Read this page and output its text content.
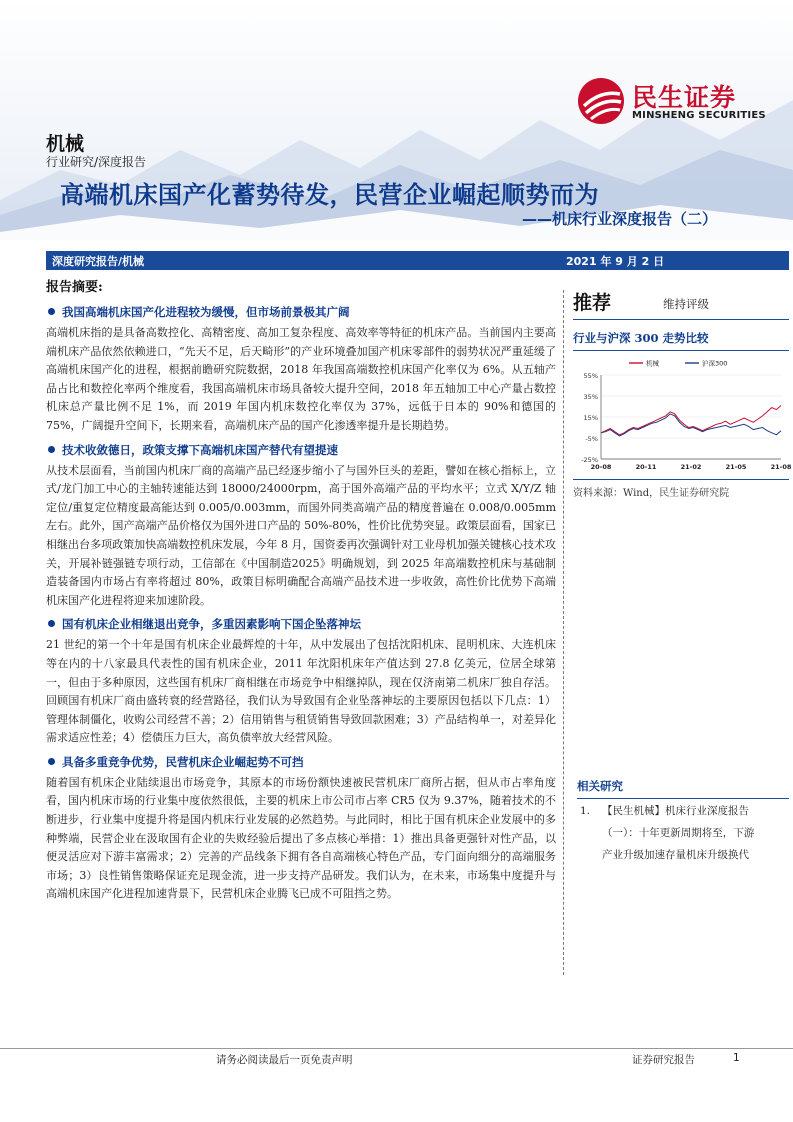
民生证券
MINSHENG SECURITIES
机械
行业研究/深度报告
高端机床国产化蓄势待发，民营企业崛起顺势而为
——机床行业深度报告（二）
深度研究报告/机械	2021 年 9 月 2 日
报告摘要:
我国高端机床国产化进程较为缓慢，但市场前景极其广阔

高端机床指的是具备高数控化、高精密度、高加工复杂程度、高效率等特征的机床产品。当前国内主要高端机床产品依然依赖进口，“先天不足，后天畸形”的产业环境叠加国产机床零部件的弱势状况严重延缓了高端机床国产化的进程，根据前瞻研究院数据，2018 年我国高端数控机床国产化率仅为 6%。从五轴产品占比和数控化率两个维度看，我国高端机床市场具备较大提升空间，2018 年五轴加工中心产量占数控机床总产量比例不足 1%，而 2019 年国内机床数控化率仅为 37%，远低于日本的 90%和德国的 75%，广阔提升空间下，长期来看，高端机床产品的国产化渗透率提升是长期趋势。

技术收敛德日，政策支撑下高端机床国产替代有望提速

从技术层面看，当前国内机床厂商的高端产品已经逐步缩小了与国外巨头的差距，譬如在核心指标上，立式/龙门加工中心的主轴转速能达到 18000/24000rpm，高于国外高端产品的平均水平；立式 X/Y/Z 轴定位/重复定位精度最高能达到 0.005/0.003mm，而国外同类高端产品的精度普遍在 0.008/0.005mm 左右。此外，国产高端产品价格仅为国外进口产品的 50%-80%，性价比优势突显。政策层面看，国家已相继出台多项政策加快高端数控机床发展，今年 8 月，国资委再次强调针对工业母机加强关键核心技术攻关，开展补链强链专项行动，工信部在《中国制造2025》明确规划，到 2025 年高端数控机床与基础制造装备国内市场占有率将超过 80%，政策目标明确配合高端产品技术进一步收敛，高性价比优势下高端机床国产化进程将迎来加速阶段。

国有机床企业相继退出竞争，多重因素影响下国企坠落神坛

21 世纪的第一个十年是国有机床企业最辉煌的十年，从中发展出了包括沈阳机床、昆明机床、大连机床等在内的十八家最具代表性的国有机床企业，2011 年沈阳机床年产值达到 27.8 亿美元，位居全球第一，但由于多种原因，这些国有机床厂商相继在市场竞争中相继掉队，现在仅济南第二机床厂独自存活。回顾国有机床厂商由盛转衰的经营路径，我们认为导致国有企业坠落神坛的主要原因包括以下几点：1）管理体制僵化，收购公司经营不善；2）信用销售与租赁销售导致回款困难；3）产品结构单一，对差异化需求适应性差；4）偿债压力巨大，高负债率放大经营风险。

具备多重竞争优势，民营机床企业崛起势不可挡

随着国有机床企业陆续退出市场竞争，其原本的市场份额快速被民营机床厂商所占据，但从市占率角度看，国内机床市场的行业集中度依然很低，主要的机床上市公司市占率 CR5 仅为 9.37%，随着技术的不断进步，行业集中度提升将是国内机床行业发展的必然趋势。与此同时，相比于国有机床企业发展中的多种弊端，民营企业在汲取国有企业的失败经验后提出了多点核心举措：1）推出具备更强针对性产品，以便灵活应对下游丰富需求；2）完善的产品线条下拥有各自高端核心特色产品，专门面向细分的高端服务市场；3）良性销售策略保证充足现金流，进一步支持产品研发。我们认为，在未来，市场集中度提升与高端机床国产化进程加速背景下，民营机床企业腾飞已成不可阻挡之势。

推荐	维持评级
行业与沪深 300 走势比较
55%
35%
15%
-5%
-25%
20-08	20-11	21-02	21-05	21-08
机械	沪深300
资料来源：Wind，民生证券研究院
相关研究
1. 【民生机械】机床行业深度报告
（一）：十年更新周期将至，下游
产业升级加速存量机床升级换代
请务必阅读最后一页免责声明	证券研究报告	1
